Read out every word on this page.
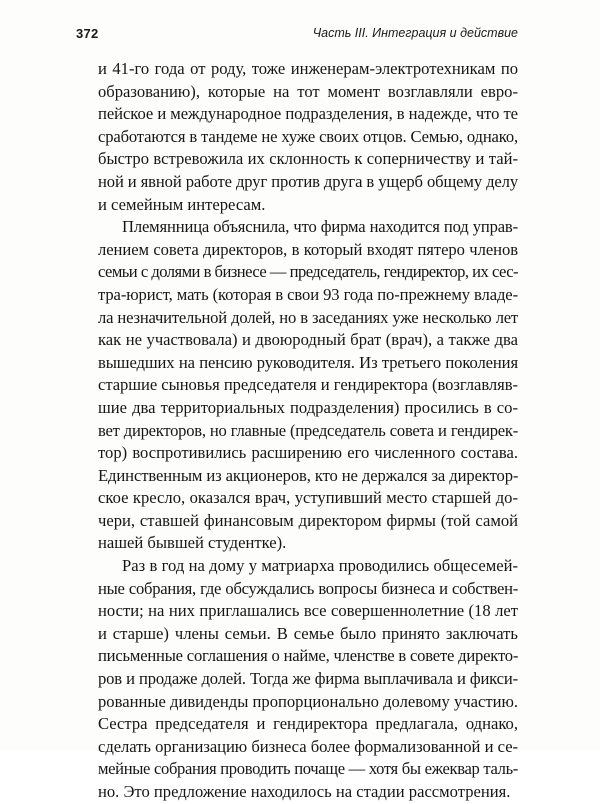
372	Часть III. Интеграция и действие
и 41-го года от роду, тоже инженерам-электротехникам по
образованию), которые на тот момент возглавляли евро-
пейское и международное подразделения, в надежде, что те
сработаются в тандеме не хуже своих отцов. Семью, однако,
быстро встревожила их склонность к соперничеству и тай-
ной и явной работе друг против друга в ущерб общему делу
и семейным интересам.
Племянница объяснила, что фирма находится под управ-
лением совета директоров, в который входят пятеро членов
семьи с долями в бизнесе — председатель, гендиректор, их сес-
тра-юрист, мать (которая в свои 93 года по-прежнему владе-
ла незначительной долей, но в заседаниях уже несколько лет
как не участвовала) и двоюродный брат (врач), а также два
вышедших на пенсию руководителя. Из третьего поколения
старшие сыновья председателя и гендиректора (возглавляв-
шие два территориальных подразделения) просились в со-
вет директоров, но главные (председатель совета и гендирек-
тор) воспротивились расширению его численного состава.
Единственным из акционеров, кто не держался за директор-
ское кресло, оказался врач, уступивший место старшей до-
чери, ставшей финансовым директором фирмы (той самой
нашей бывшей студентке).
Раз в год на дому у матриарха проводились общесемей-
ные собрания, где обсуждались вопросы бизнеса и собствен-
ности; на них приглашались все совершеннолетние (18 лет
и старше) члены семьи. В семье было принято заключать
письменные соглашения о найме, членстве в совете директо-
ров и продаже долей. Тогда же фирма выплачивала и фикси-
рованные дивиденды пропорционально долевому участию.
Сестра председателя и гендиректора предлагала, однако,
сделать организацию бизнеса более формализованной и се-
мейные собрания проводить почаще — хотя бы ежеквар таль-
но. Это предложение находилось на стадии рассмотрения.
